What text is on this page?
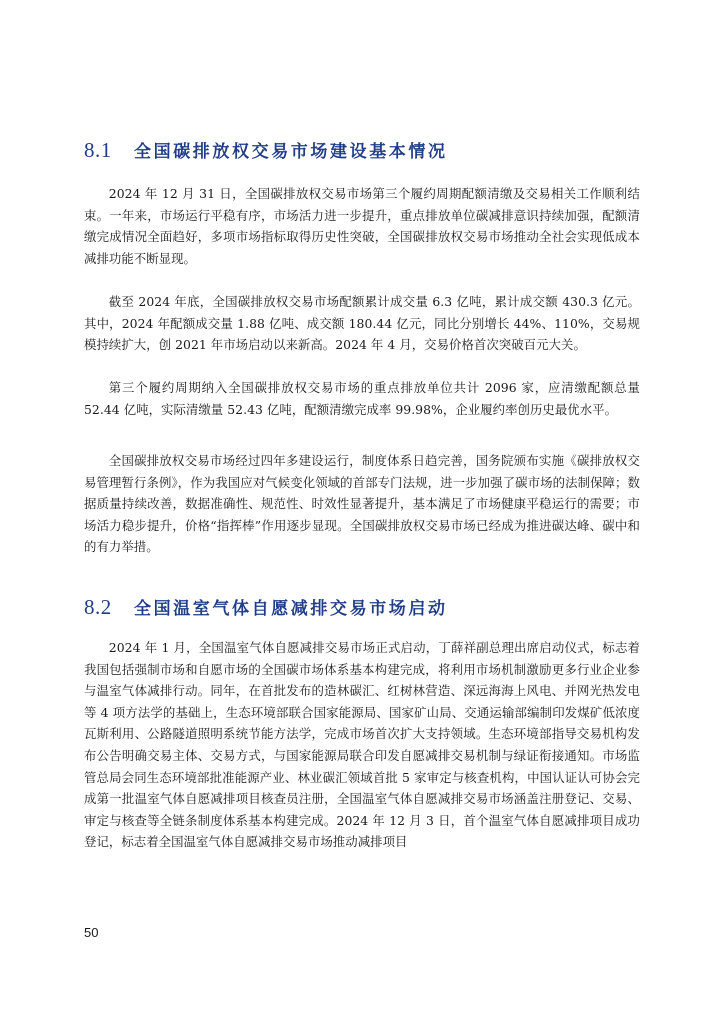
8.1	全国碳排放权交易市场建设基本情况

2024 年 12 月 31 日，全国碳排放权交易市场第三个履约周期配额清缴及交易相关工作顺利结束。一年来，市场运行平稳有序，市场活力进一步提升，重点排放单位碳减排意识持续加强，配额清缴完成情况全面趋好，多项市场指标取得历史性突破，全国碳排放权交易市场推动全社会实现低成本减排功能不断显现。

截至 2024 年底，全国碳排放权交易市场配额累计成交量 6.3 亿吨，累计成交额 430.3 亿元。其中，2024 年配额成交量 1.88 亿吨、成交额 180.44 亿元，同比分别增长 44%、110%，交易规模持续扩大，创 2021 年市场启动以来新高。2024 年 4 月，交易价格首次突破百元大关。

第三个履约周期纳入全国碳排放权交易市场的重点排放单位共计 2096 家，应清缴配额总量 52.44 亿吨，实际清缴量 52.43 亿吨，配额清缴完成率 99.98%，企业履约率创历史最优水平。

全国碳排放权交易市场经过四年多建设运行，制度体系日趋完善，国务院颁布实施《碳排放权交易管理暂行条例》，作为我国应对气候变化领域的首部专门法规，进一步加强了碳市场的法制保障；数据质量持续改善，数据准确性、规范性、时效性显著提升，基本满足了市场健康平稳运行的需要；市场活力稳步提升，价格“指挥棒”作用逐步显现。全国碳排放权交易市场已经成为推进碳达峰、碳中和的有力举措。

8.2	全国温室气体自愿减排交易市场启动

2024 年 1 月，全国温室气体自愿减排交易市场正式启动，丁薛祥副总理出席启动仪式，标志着我国包括强制市场和自愿市场的全国碳市场体系基本构建完成，将利用市场机制激励更多行业企业参与温室气体减排行动。同年，在首批发布的造林碳汇、红树林营造、深远海海上风电、并网光热发电等 4 项方法学的基础上，生态环境部联合国家能源局、国家矿山局、交通运输部编制印发煤矿低浓度瓦斯利用、公路隧道照明系统节能方法学，完成市场首次扩大支持领域。生态环境部指导交易机构发布公告明确交易主体、交易方式，与国家能源局联合印发自愿减排交易机制与绿证衔接通知。市场监管总局会同生态环境部批准能源产业、林业碳汇领域首批 5 家审定与核查机构，中国认证认可协会完成第一批温室气体自愿减排项目核查员注册，全国温室气体自愿减排交易市场涵盖注册登记、交易、审定与核查等全链条制度体系基本构建完成。2024 年 12 月 3 日，首个温室气体自愿减排项目成功登记，标志着全国温室气体自愿减排交易市场推动减排项目

50
